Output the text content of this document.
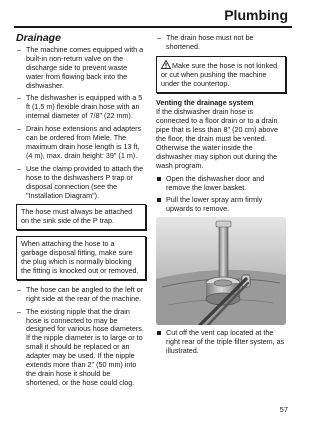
Plumbing
Drainage
– The machine comes equipped with a built-in non-return valve on the discharge side to prevent waste water from flowing back into the dishwasher.
– The dishwasher is equipped with a 5 ft (1.5 m) flexible drain hose with an internal diameter of 7/8" (22 mm).
– Drain hose extensions and adapters can be ordered from Miele. The maximum drain hose length is 13 ft, (4 m), max. drain height: 39" (1 m).
– Use the clamp provided to attach the hose to the dishwashers P trap or disposal connection (see the "Installation Diagram").
The hose must always be attached on the sink side of the P trap.
When attaching the hose to a garbage disposal fitting, make sure the plug which is normally blocking the fitting is knocked out or removed.
– The hose can be angled to the left or right side at the rear of the machine.
– The existing nipple that the drain hose is connected to may be designed for various hose diameters. If the nipple diameter is to large or to small it should be replaced or an adapter may be used. If the nipple extends more than 2" (50 mm) into the drain hose it should be shortened, or the hose could clog.
– The drain hose must not be shortened.
Make sure the hose is not kinked or cut when pushing the machine under the countertop.
Venting the drainage system
If the dishwasher drain hose is connected to a floor drain or to a drain pipe that is less than 8" (20 cm) above the floor, the drain must be vented. Otherwise the water inside the dishwasher may siphon out during the wash program.
Open the dishwasher door and remove the lower basket.
Pull the lower spray arm firmly upwards to remove.
Cut off the vent cap located at the right rear of the triple filter system, as illustrated.
57
